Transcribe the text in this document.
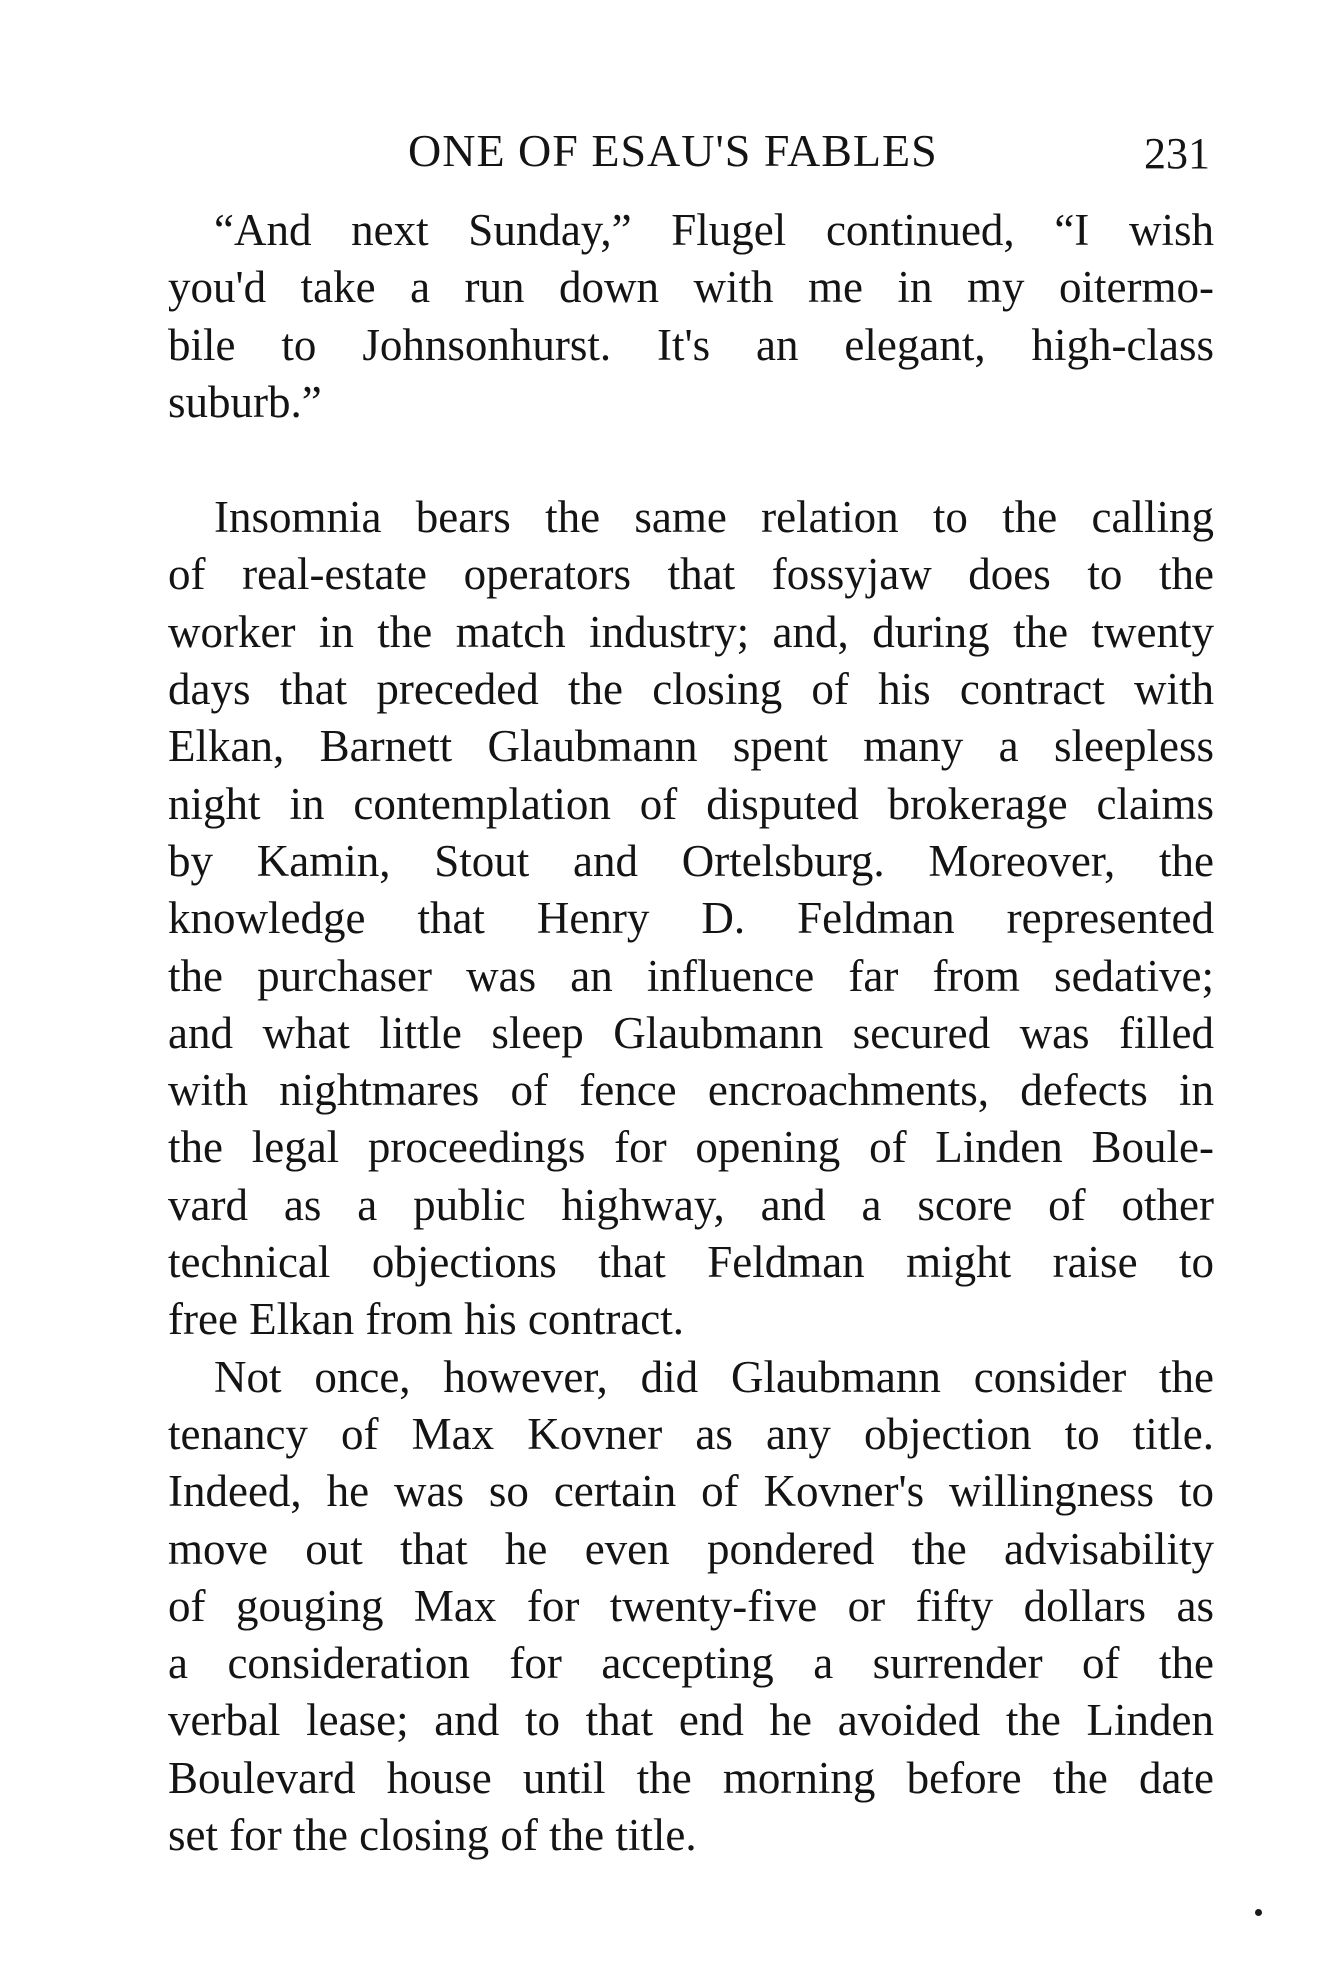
ONE OF ESAU'S FABLES	231
“And next Sunday,” Flugel continued, “I wish
you'd take a run down with me in my oitermo-
bile to Johnsonhurst. It's an elegant, high-class
suburb.”
Insomnia bears the same relation to the calling
of real-estate operators that fossyjaw does to the
worker in the match industry; and, during the twenty
days that preceded the closing of his contract with
Elkan, Barnett Glaubmann spent many a sleepless
night in contemplation of disputed brokerage claims
by Kamin, Stout and Ortelsburg. Moreover, the
knowledge that Henry D. Feldman represented
the purchaser was an influence far from sedative;
and what little sleep Glaubmann secured was filled
with nightmares of fence encroachments, defects in
the legal proceedings for opening of Linden Boule-
vard as a public highway, and a score of other
technical objections that Feldman might raise to
free Elkan from his contract.
Not once, however, did Glaubmann consider the
tenancy of Max Kovner as any objection to title.
Indeed, he was so certain of Kovner's willingness to
move out that he even pondered the advisability
of gouging Max for twenty-five or fifty dollars as
a consideration for accepting a surrender of the
verbal lease; and to that end he avoided the Linden
Boulevard house until the morning before the date
set for the closing of the title.
